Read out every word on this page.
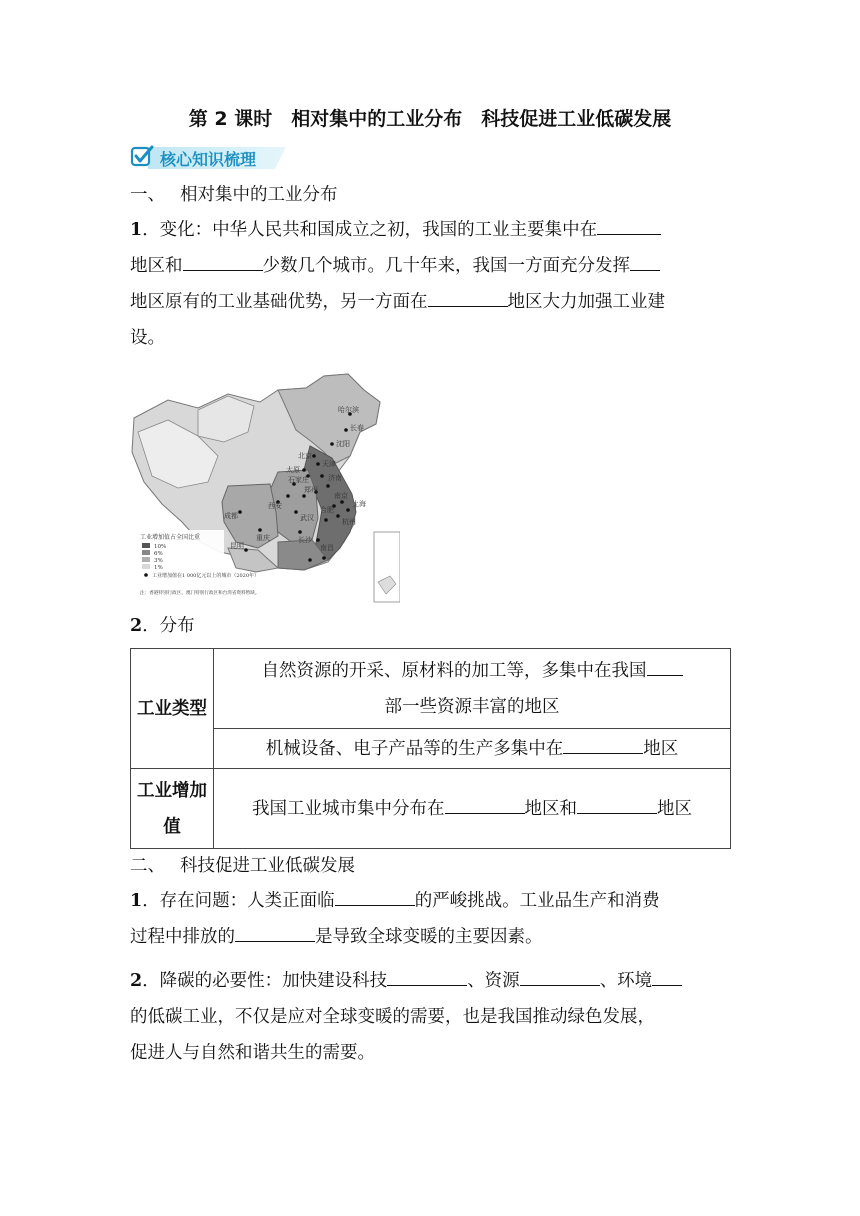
第 2 课时　相对集中的工业分布　科技促进工业低碳发展
核心知识梳理
一、 相对集中的工业分布
1．变化：中华人民共和国成立之初，我国的工业主要集中在
地区和	少数几个城市。几十年来，我国一方面充分发挥
地区原有的工业基础优势，另一方面在	地区大力加强工业建
设。
工业增加值占全国比重
10%
6%
3%
1%
工业增加值在1 000亿元以上的城市（2020年）
注：香港特别行政区、澳门特别行政区和台湾省资料暂缺。
哈尔滨
长春
沈阳
北京
天津
太原
石家庄	济南
郑州
西安
武汉
南京
上海
杭州
合肥
成都
重庆	长沙
昆明	南昌
2．分布
工业类型	自然资源的开采、原材料的加工等，多集中在我国
部一些资源丰富的地区

	机械设备、电子产品等的生产多集中在 地区

工业增加
值	我国工业城市集中分布在 地区和 地区
二、 科技促进工业低碳发展
1．存在问题：人类正面临	的严峻挑战。工业品生产和消费
过程中排放的	是导致全球变暖的主要因素。
2．降碳的必要性：加快建设科技	、资源	、环境
的低碳工业，不仅是应对全球变暖的需要，也是我国推动绿色发展，
促进人与自然和谐共生的需要。
